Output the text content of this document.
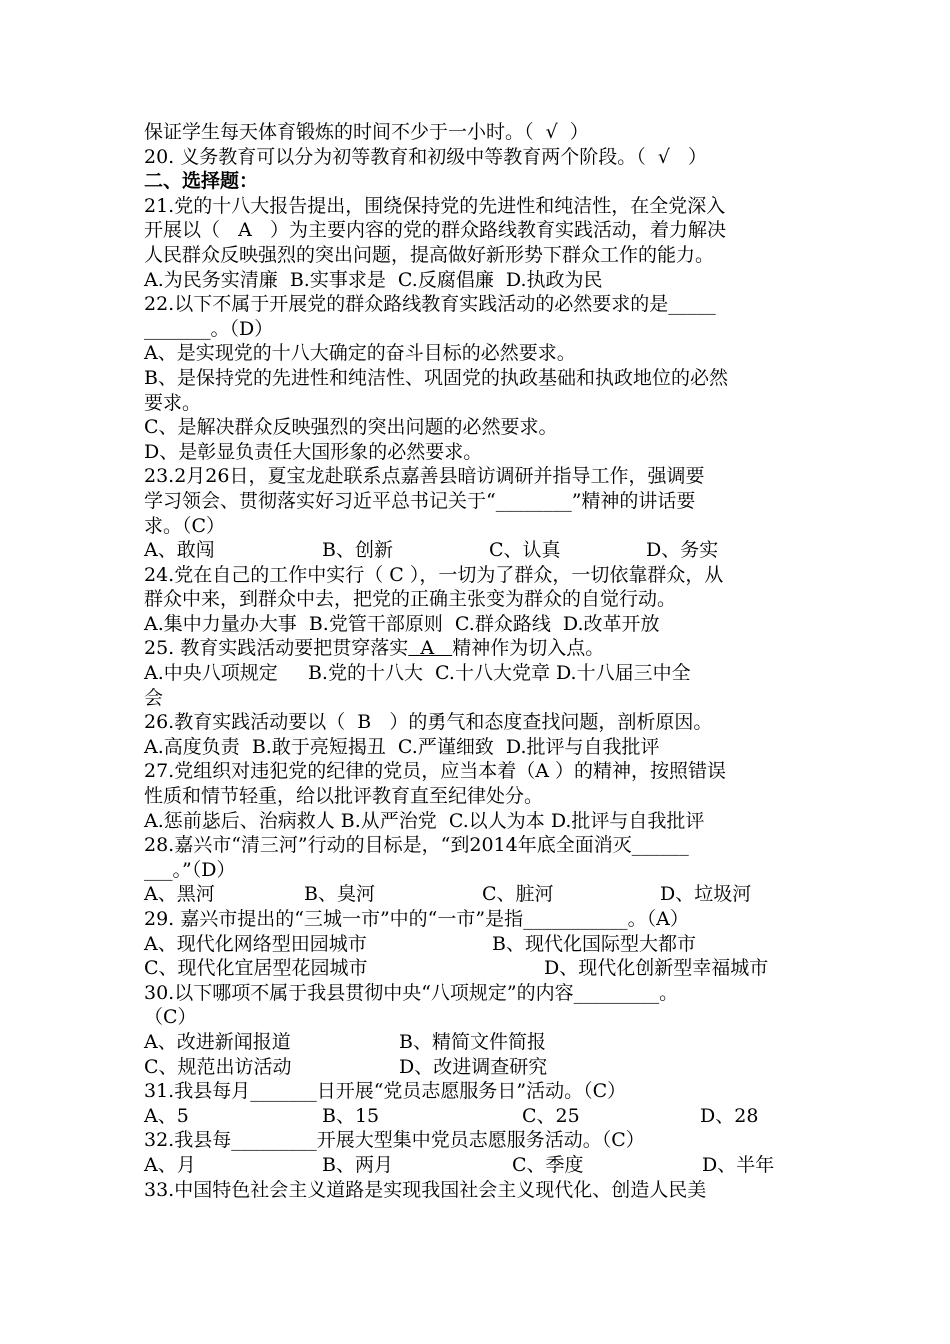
保证学生每天体育锻炼的时间不少于一小时。（  √  ）
20. 义务教育可以分为初等教育和初级中等教育两个阶段。（  √   ）
二、选择题：
21.党的十八大报告提出，围绕保持党的先进性和纯洁性，在全党深入
开展以（   A   ）为主要内容的党的群众路线教育实践活动，着力解决
人民群众反映强烈的突出问题，提高做好新形势下群众工作的能力。
A.为民务实清廉  B.实事求是  C.反腐倡廉  D.执政为民
22.以下不属于开展党的群众路线教育实践活动的必然要求的是_____
_______。（D）
A、是实现党的十八大确定的奋斗目标的必然要求。
B、是保持党的先进性和纯洁性、巩固党的执政基础和执政地位的必然
要求。
C、是解决群众反映强烈的突出问题的必然要求。
D、是彰显负责任大国形象的必然要求。
23.2月26日，夏宝龙赴联系点嘉善县暗访调研并指导工作，强调要
学习领会、贯彻落实好习近平总书记关于“________”精神的讲话要
求。（C）
A、敢闯	B、创新	C、认真	D、务实
24.党在自己的工作中实行（ C ），一切为了群众，一切依靠群众，从
群众中来，到群众中去，把党的正确主张变为群众的自觉行动。
A.集中力量办大事  B.党管干部原则  C.群众路线  D.改革开放
25. 教育实践活动要把贯穿落实  A   精神作为切入点。
A.中央八项规定     B.党的十八大  C.十八大党章 D.十八届三中全
会
26.教育实践活动要以（  B   ）的勇气和态度查找问题，剖析原因。
A.高度负责  B.敢于亮短揭丑  C.严谨细致  D.批评与自我批评
27.党组织对违犯党的纪律的党员，应当本着（A ）的精神，按照错误
性质和情节轻重，给以批评教育直至纪律处分。
A.惩前毖后、治病救人 B.从严治党  C.以人为本 D.批评与自我批评
28.嘉兴市“清三河”行动的目标是，“到2014年底全面消灭______
___。”（D）
A、黑河	B、臭河	C、脏河	D、垃圾河
29. 嘉兴市提出的“三城一市”中的“一市”是指___________。（A）
A、现代化网络型田园城市	B、现代化国际型大都市
C、现代化宜居型花园城市	D、现代化创新型幸福城市
30.以下哪项不属于我县贯彻中央“八项规定”的内容_________。
（C）
A、改进新闻报道	B、精简文件简报
C、规范出访活动	D、改进调查研究
31.我县每月_______日开展“党员志愿服务日”活动。（C）
A、5	B、15	C、25	D、28
32.我县每_________开展大型集中党员志愿服务活动。（C）
A、月	B、两月	C、季度	D、半年
33.中国特色社会主义道路是实现我国社会主义现代化、创造人民美
